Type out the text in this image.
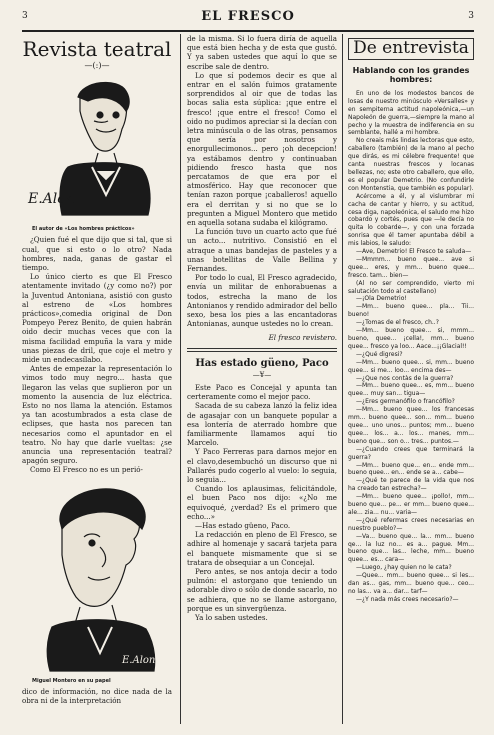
3	EL FRESCO	3
Revista teatral
—(:)—
E.Alon
El autor de «Los hombres prácticos»

¿Quien fué el que dijo que si tal, que si cual, que si esto o lo otro? Nada hombres, nada, ganas de gastar el tiempo.

Lo único cierto es que El Fresco atentamente invitado (¿y como no?) por la Juventud Antoniana, asistió con gusto al estreno de «Los hombres prácticos»,comedia original de Don Pompeyo Perez Benito, de quien habrán oido decir muchas veces que con la misma facilidad empuña la vara y mide unas piezas de dril, que coje el metro y mide un endecasílabo.

Antes de empezar la representación lo vimos todo muy negro... hasta que llegaron las velas que suplieron por un momento la ausencia de luz eléctrica. Esto no nos llama la atención. Estamos ya tan acostumbrados a esta clase de eclipses, que hasta nos parecen tan necesarios como el apuntador en el teatro. No hay que darle vueltas: ¿se anuncia una representación teatral? apagón seguro.

Como El Fresco no es un perió-

E.Alon
Miguel Montero en su papel

dico de información, no dice nada de la obra ni de la interpretación

de la misma. Si lo fuera diría de aquella que está bien hecha y de esta que gustó. Y ya saben ustedes que aquí lo que se escribe sale de dentro.

Lo que sí podemos decir es que al entrar en el salón fuimos gratamente sorprendidos al oir que de todas las bocas salia esta súplica: ¡que entre el fresco! ¡que entre el fresco! Como el oido no pudimos apreciar si la decían con letra minúscula o de las otras, pensamos que sería por nosotros y enorgullecimonos... pero ¡oh decepcion! ya estábamos dentro y continuaban pidiendo fresco hasta que nos percatamos de que era por el atmosférico. Hay que reconocer que tenían razon porque ¡caballeros! aquello era el derritan y si no que se lo pregunten a Miguel Montero que metido en aquella sotana sudaba el kilógramo.

La función tuvo un cuarto acto que fué un acto... nutritivo. Consistió en el atraque a unas bandejas de pasteles y a unas botellitas de Valle Bellina y Fernandes.

Por todo lo cual, El Fresco agradecido, envía un militar de enhorabuenas a todos, estrecha la mano de los Antonianos y rendido admirador del bello sexo, besa los pies a las encantadoras Antonianas, aunque ustedes no lo crean.

El fresco revistero.
Has estado güeno, Paco
—¥—

Este Paco es Concejal y apunta tan certeramente como el mejor paco.

Sacada de su cabeza lanzó la feliz idea de agasajar con un banquete popular a esa lontería de aterrado hombre que familiarmente llamamos aquí tio Marcelo.

Y Paco Ferreras para darnos mejor en el clavo,desembuchó un discurso que ni Pallarés pudo cogerlo al vuelo: lo seguia, lo seguia...

Cuando los aplausimas, felicitándole, el buen Paco nos dijo: «¿No me equivoqué, ¿verdad? Es el primero que echo...»

—Has estado güeno, Paco.

La redacción en pleno de El Fresco, se adhire al homenaje y sacará tarjeta para el banquete mismamente que si se tratara de obsequiar a un Concejal.

Pero antes, se nos antoja decir a todo pulmón: el astorgano que teniendo un adorable divo o sólo de donde sacarlo, no se adhiera, que no se llame astorgano, porque es un sinvergüenza.

Ya lo saben ustedes.

De entrevista
Hablando con los grandes hombres:

En uno de los modestos bancos de losas de nuestro minúsculo «Versalles» y en sempiterna actitud napoleónica,—un Napoleón de guerra,—siempre la mano al pecho y la muestra de indiferencia en su semblante, hallé a mi hombre.

No creais más lindas lectoras que esto, caballero (también) de la mano al pecho que dirás, es mi célebre frequente! que canta nuestras frescos y locanas bellezas, no; este otro caballero, que ello, es el popular Demetrio. (No confundirle con Montenstia, que también es popular).

Acércome a él, y al vislumbrar mi cacha de cantar y hierro, y su actitud, cesa diga, napoleónica, el saludo me hizo cobardo y cortés, pues que —le decía no quita lo cobarde—, y con una forzada sonrisa que él tamer apuntaba débil a mis labios, le saludo:

—Ave, Demetrio! El Fresco te saluda—

—Mmmm... bueno quee... ave si quee... eres, y mm... bueno quee... fresco. tam... bien—

(Al no ser comprendido, vierto mi salutación todo al castellano)

—¡Ola Demetrio!

—Mm... bueno quee... pla... Tii... bueno!

—¿Tomas de el fresco, ch..?

—Mm... bueno quee... si, mmm... bueno, quee... ¡cella!, mm... bueno quee... fresco ya loo... Aace...¡¡Glacial!!

—¿Qué digresi?

—Mm... bueno quee... si, mm... bueno quee... si me... loo... encima des—

—¿Que nos contàs de la guerra?

—Mm... bueno quee... es, mm... bueno quee... muy san... tigua—

—¿Eres germanófilo o francófilo?

—Mm... bueno quee... los francesas mm... bueno quee... son... mm... bueno quee... uno unos... puntos; mm... bueno quee... los... a... los... manes, mm... bueno que... son o... tres... puntos.—

—¿Cuando crees que terminará la guerra?

—Mm... bueno que... en... ende mm... bueno quee... en... ende se a... cabe—

—¿Qué te parece de la vida que nos ha creado tan estrecha?—

—Mm... bueno quee... ¡pollo!, mm... bueno que... pe... er mm... bueno quee... ale... zia... nu... varia—

—¿Qué refermas crees necesarias en nuestro pueblo?—

—Va... bueno que... la... mm... bueno qe... la luz no... es a... pague. Mm... bueno que... las... leche, mm... bueno quee... es... cara—

—Luego, ¿hay quien no le cata?

—Quee... mm... bueno quee... si les... dan as... gas, mm... bueno que... ceo... no las... va a... dar... tarf—

—¿Y nada más crees necesario?—
